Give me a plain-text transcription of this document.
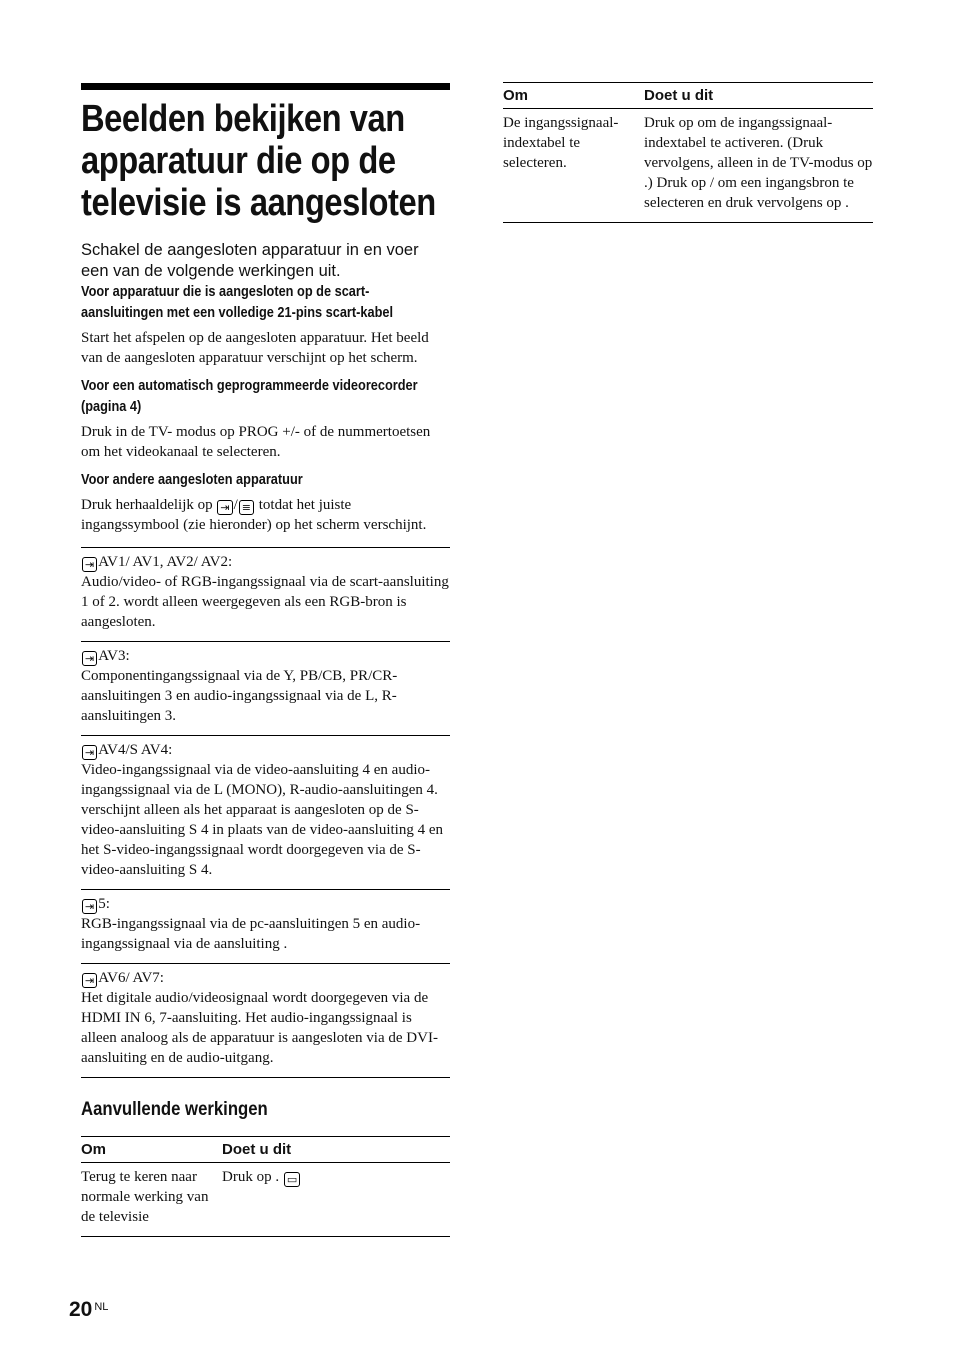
Beelden bekijken van apparatuur die op de televisie is aangesloten

Schakel de aangesloten apparatuur in en voer een van de volgende werkingen uit.

Voor apparatuur die is aangesloten op de scart-aansluitingen met een volledige 21-pins scart-kabel

Start het afspelen op de aangesloten apparatuur. Het beeld van de aangesloten apparatuur verschijnt op het scherm.

Voor een automatisch geprogrammeerde videorecorder (pagina 4)

Druk in de TV- modus op PROG +/- of de nummertoetsen om het videokanaal te selecteren.

Voor andere aangesloten apparatuur

Druk herhaaldelijk op ⇥ / ≡ totdat het juiste ingangssymbool (zie hieronder) op het scherm verschijnt.

⇥ AV1/ AV1, AV2/ AV2:
Audio/video- of RGB-ingangssignaal via de scart-aansluiting 1 of 2. wordt alleen weergegeven als een RGB-bron is aangesloten.
⇥ AV3:
Componentingangssignaal via de Y, PB/CB, PR/CR-aansluitingen 3 en audio-ingangssignaal via de L, R-aansluitingen 3.
⇥ AV4/S AV4:
Video-ingangssignaal via de video-aansluiting 4 en audio-ingangssignaal via de L (MONO), R-audio-aansluitingen 4. verschijnt alleen als het apparaat is aangesloten op de S-video-aansluiting S 4 in plaats van de video-aansluiting 4 en het S-video-ingangssignaal wordt doorgegeven via de S-video-aansluiting S 4.
⇥ 5:
RGB-ingangssignaal via de pc-aansluitingen 5 en audio-ingangssignaal via de aansluiting .
⇥ AV6/ AV7:
Het digitale audio/videosignaal wordt doorgegeven via de HDMI IN 6, 7-aansluiting. Het audio-ingangssignaal is alleen analoog als de apparatuur is aangesloten via de DVI-aansluiting en de audio-uitgang.

Aanvullende werkingen

Om	Doet u dit
Terug te keren naar normale werking van de televisie	Druk op . ▭
Om	Doet u dit
De ingangssignaal-indextabel te selecteren.	Druk op om de ingangssignaal-indextabel te activeren. (Druk vervolgens, alleen in de TV-modus op .) Druk op / om een ingangsbron te selecteren en druk vervolgens op .
20 $^{NL}$
